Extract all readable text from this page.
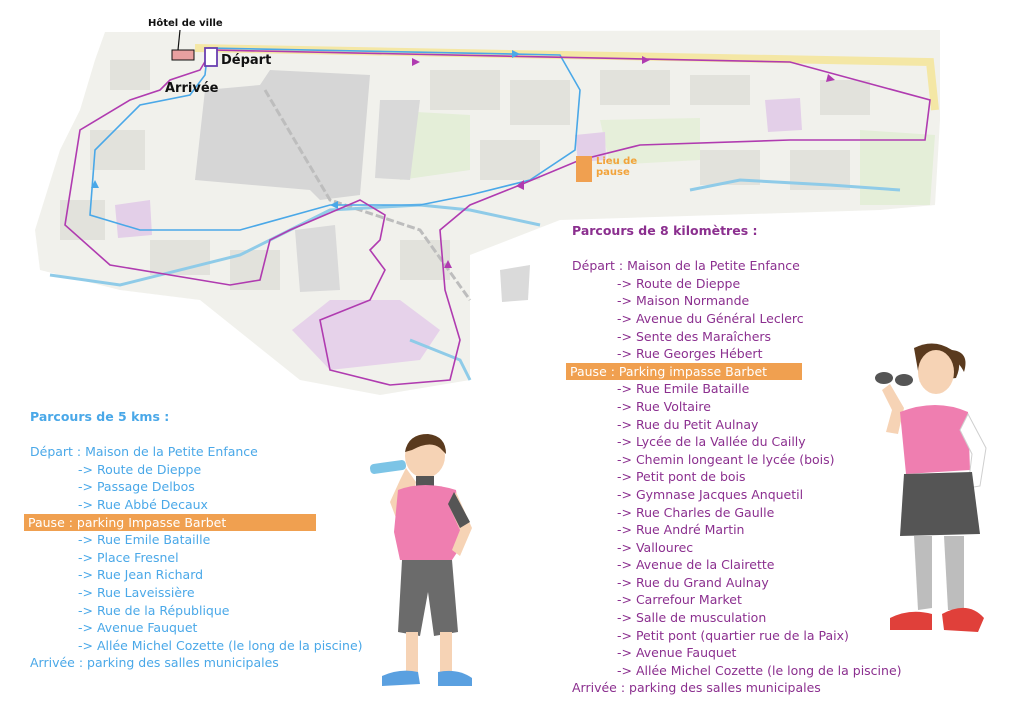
Hôtel de ville
Départ
Arrivée
Lieu de
pause
Parcours de 5 kms :
Départ : Maison de la Petite Enfance
-> Route de Dieppe
-> Passage Delbos
-> Rue Abbé Decaux
Pause : parking Impasse Barbet
-> Rue Emile Bataille
-> Place Fresnel
-> Rue Jean Richard
-> Rue Laveissière
-> Rue de la République
-> Avenue Fauquet
-> Allée Michel Cozette (le long de la piscine)
Arrivée : parking des salles municipales
Parcours de 8 kilomètres :
Départ : Maison de la Petite Enfance
-> Route de Dieppe
-> Maison Normande
-> Avenue du Général Leclerc
-> Sente des Maraîchers
-> Rue Georges Hébert
Pause : Parking impasse Barbet
-> Rue Emile Bataille
-> Rue Voltaire
-> Rue du Petit Aulnay
-> Lycée de la Vallée du Cailly
-> Chemin longeant le lycée (bois)
-> Petit pont de bois
-> Gymnase Jacques Anquetil
-> Rue Charles de Gaulle
-> Rue André Martin
-> Vallourec
-> Avenue de la Clairette
-> Rue du Grand Aulnay
-> Carrefour Market
-> Salle de musculation
-> Petit pont (quartier rue de la Paix)
-> Avenue Fauquet
-> Allée Michel Cozette (le long de la piscine)
Arrivée : parking des salles municipales
